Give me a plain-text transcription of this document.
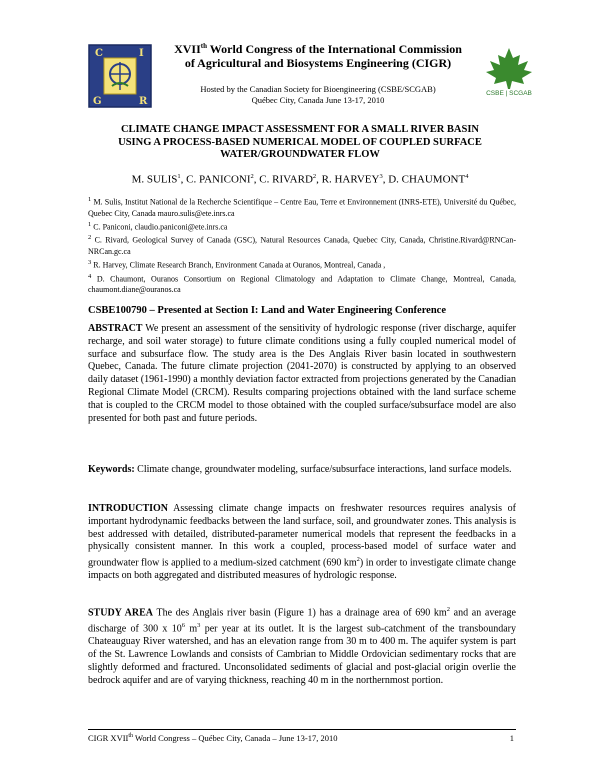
C	I
G	R
XVIIth World Congress of the International Commission
of Agricultural and Biosystems Engineering (CIGR)
Hosted by the Canadian Society for Bioengineering (CSBE/SCGAB)
Québec City, Canada June 13-17, 2010
CSBE | SCGAB
CLIMATE CHANGE IMPACT ASSESSMENT FOR A SMALL RIVER BASIN
USING A PROCESS-BASED NUMERICAL MODEL OF COUPLED SURFACE
WATER/GROUNDWATER FLOW
M. SULIS$^1$, C. PANICONI$^2$, C. RIVARD$^2$, R. HARVEY$^3$, D. CHAUMONT$^4$

$^1$ M. Sulis, Institut National de la Recherche Scientifique – Centre Eau, Terre et Environnement (INRS-ETE), Université du Québec, Quebec City, Canada mauro.sulis@ete.inrs.ca

$^1$ C. Paniconi, claudio.paniconi@ete.inrs.ca

$^2$ C. Rivard, Geological Survey of Canada (GSC), Natural Resources Canada, Quebec City, Canada, Christine.Rivard@RNCan-NRCan.gc.ca

$^3$ R. Harvey, Climate Research Branch, Environment Canada at Ouranos, Montreal, Canada ,

$^4$ D. Chaumont, Ouranos Consortium on Regional Climatology and Adaptation to Climate Change, Montreal, Canada, chaumont.diane@ouranos.ca

CSBE100790 – Presented at Section I: Land and Water Engineering Conference

ABSTRACT We present an assessment of the sensitivity of hydrologic response (river discharge, aquifer recharge, and soil water storage) to future climate conditions using a fully coupled numerical model of surface and subsurface flow. The study area is the Des Anglais River basin located in southwestern Quebec, Canada. The future climate projection (2041-2070) is constructed by applying to an observed daily dataset (1961-1990) a monthly deviation factor extracted from projections generated by the Canadian Regional Climate Model (CRCM). Results comparing projections obtained with the land surface scheme that is coupled to the CRCM model to those obtained with the coupled surface/subsurface model are also presented for both past and future periods.

Keywords: Climate change, groundwater modeling, surface/subsurface interactions, land surface models.

INTRODUCTION Assessing climate change impacts on freshwater resources requires analysis of important hydrodynamic feedbacks between the land surface, soil, and groundwater zones. This analysis is best addressed with detailed, distributed-parameter numerical models that represent the feedbacks in a physically consistent manner. In this work a coupled, process-based model of surface water and groundwater flow is applied to a medium-sized catchment (690 $km^2$) in order to investigate climate change impacts on both aggregated and distributed measures of hydrologic response.

STUDY AREA The des Anglais river basin (Figure 1) has a drainage area of 690 $km^2$ and an average discharge of 300 x $10^6$ $m^3$ per year at its outlet. It is the largest sub-catchment of the transboundary Chateauguay River watershed, and has an elevation range from 30 m to 400 m. The aquifer system is part of the St. Lawrence Lowlands and consists of Cambrian to Middle Ordovician sedimentary rocks that are slightly deformed and fractured. Unconsolidated sediments of glacial and post-glacial origin overlie the bedrock aquifer and are of varying thickness, reaching 40 m in the northernmost portion.

CIGR XVIIth World Congress – Québec City, Canada – June 13-17, 2010	1
